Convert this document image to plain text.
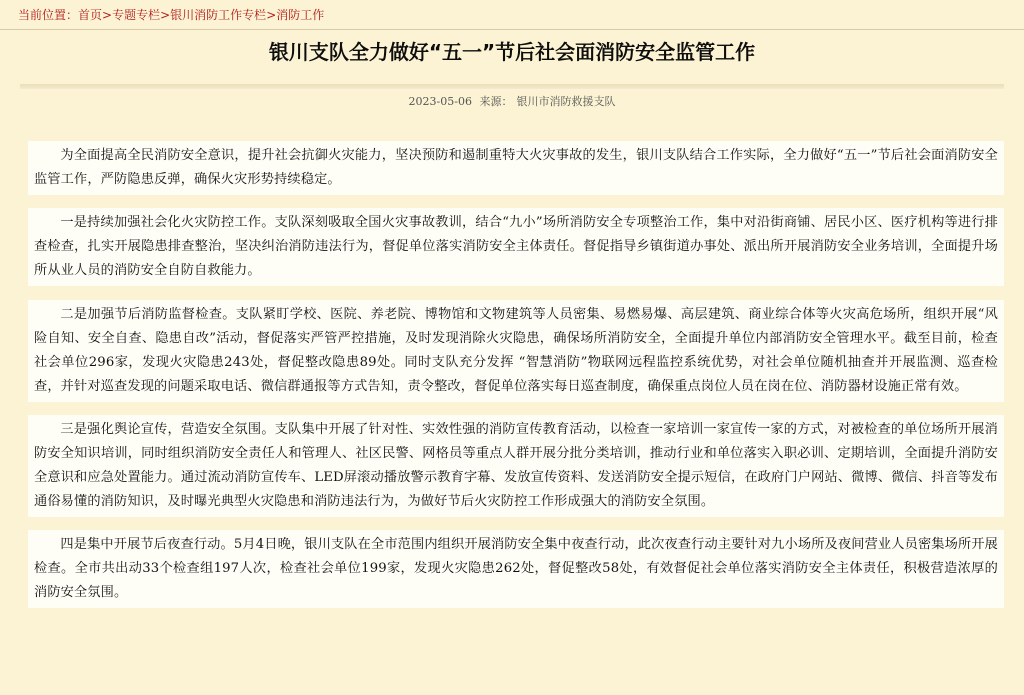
当前位置：首页>专题专栏>银川消防工作专栏>消防工作
银川支队全力做好“五一”节后社会面消防安全监管工作
2023-05-06 来源： 银川市消防救援支队

为全面提高全民消防安全意识，提升社会抗御火灾能力，坚决预防和遏制重特大火灾事故的发生，银川支队结合工作实际，全力做好“五一”节后社会面消防安全监管工作，严防隐患反弹，确保火灾形势持续稳定。

一是持续加强社会化火灾防控工作。支队深刻吸取全国火灾事故教训，结合“九小”场所消防安全专项整治工作，集中对沿街商铺、居民小区、医疗机构等进行排查检查，扎实开展隐患排查整治，坚决纠治消防违法行为，督促单位落实消防安全主体责任。督促指导乡镇街道办事处、派出所开展消防安全业务培训，全面提升场所从业人员的消防安全自防自救能力。

二是加强节后消防监督检查。支队紧盯学校、医院、养老院、博物馆和文物建筑等人员密集、易燃易爆、高层建筑、商业综合体等火灾高危场所，组织开展“风险自知、安全自查、隐患自改”活动，督促落实严管严控措施，及时发现消除火灾隐患，确保场所消防安全，全面提升单位内部消防安全管理水平。截至目前，检查社会单位296家，发现火灾隐患243处，督促整改隐患89处。同时支队充分发挥 “智慧消防”物联网远程监控系统优势，对社会单位随机抽查并开展监测、巡查检查，并针对巡查发现的问题采取电话、微信群通报等方式告知，责令整改，督促单位落实每日巡查制度，确保重点岗位人员在岗在位、消防器材设施正常有效。

三是强化舆论宣传，营造安全氛围。支队集中开展了针对性、实效性强的消防宣传教育活动，以检查一家培训一家宣传一家的方式，对被检查的单位场所开展消防安全知识培训，同时组织消防安全责任人和管理人、社区民警、网格员等重点人群开展分批分类培训，推动行业和单位落实入职必训、定期培训，全面提升消防安全意识和应急处置能力。通过流动消防宣传车、LED屏滚动播放警示教育字幕、发放宣传资料、发送消防安全提示短信，在政府门户网站、微博、微信、抖音等发布通俗易懂的消防知识，及时曝光典型火灾隐患和消防违法行为，为做好节后火灾防控工作形成强大的消防安全氛围。

四是集中开展节后夜查行动。5月4日晚，银川支队在全市范围内组织开展消防安全集中夜查行动，此次夜查行动主要针对九小场所及夜间营业人员密集场所开展检查。全市共出动33个检查组197人次，检查社会单位199家，发现火灾隐患262处，督促整改58处，有效督促社会单位落实消防安全主体责任，积极营造浓厚的消防安全氛围。
